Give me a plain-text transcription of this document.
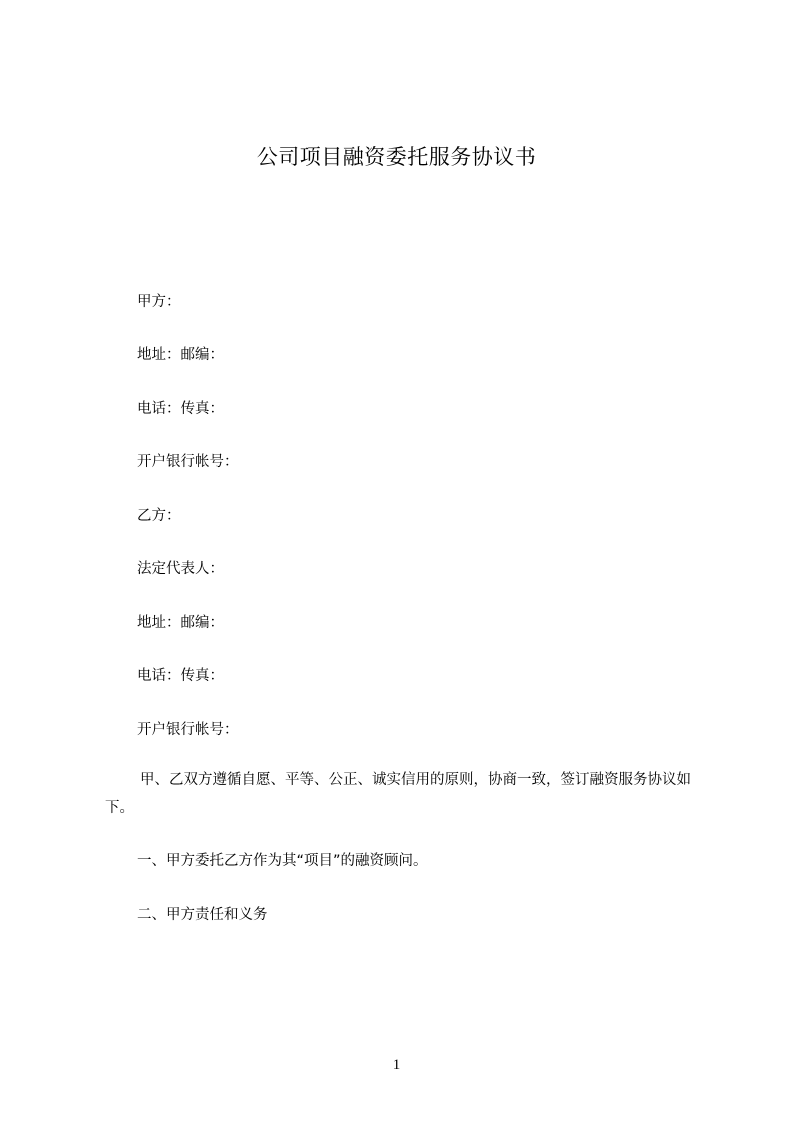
公司项目融资委托服务协议书
甲方：
地址：邮编：
电话：传真：
开户银行帐号：
乙方：
法定代表人：
地址：邮编：
电话：传真：
开户银行帐号：
甲、乙双方遵循自愿、平等、公正、诚实信用的原则，协商一致，签订融资服务协议如下。
一、甲方委托乙方作为其“项目”的融资顾问。
二、甲方责任和义务
1
